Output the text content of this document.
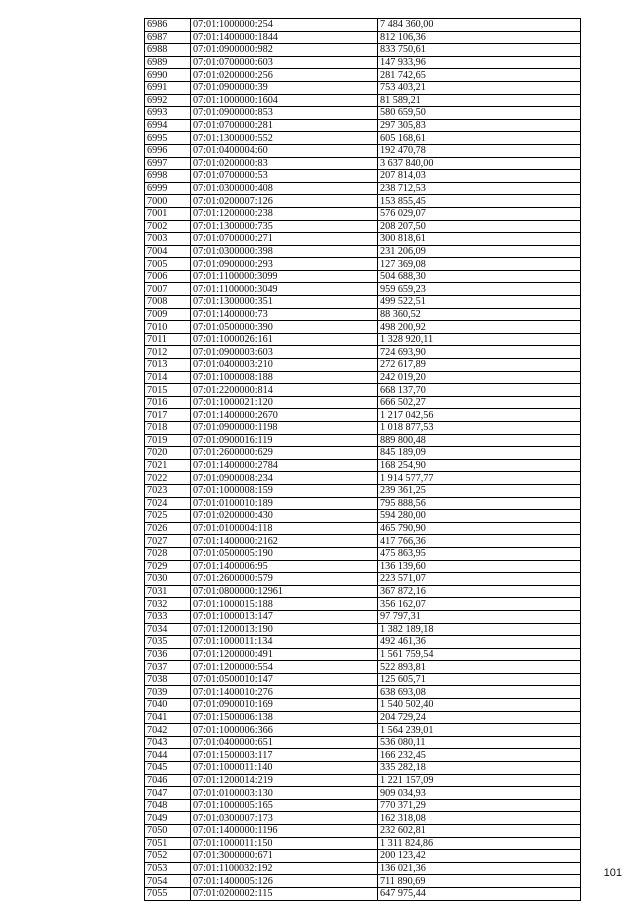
6986	07:01:1000000:254	7 484 360,00
6987	07:01:1400000:1844	812 106,36
6988	07:01:0900000:982	833 750,61
6989	07:01:0700000:603	147 933,96
6990	07:01:0200000:256	281 742,65
6991	07:01:0900000:39	753 403,21
6992	07:01:1000000:1604	81 589,21
6993	07:01:0900000:853	580 659,50
6994	07:01:0700000:281	297 305,83
6995	07:01:1300000:552	605 168,61
6996	07:01:0400004:60	192 470,78
6997	07:01:0200000:83	3 637 840,00
6998	07:01:0700000:53	207 814,03
6999	07:01:0300000:408	238 712,53
7000	07:01:0200007:126	153 855,45
7001	07:01:1200000:238	576 029,07
7002	07:01:1300000:735	208 207,50
7003	07:01:0700000:271	300 818,61
7004	07:01:0300000:398	231 206,09
7005	07:01:0900000:293	127 369,08
7006	07:01:1100000:3099	504 688,30
7007	07:01:1100000:3049	959 659,23
7008	07:01:1300000:351	499 522,51
7009	07:01:1400000:73	88 360,52
7010	07:01:0500000:390	498 200,92
7011	07:01:1000026:161	1 328 920,11
7012	07:01:0900003:603	724 693,90
7013	07:01:0400003:210	272 617,89
7014	07:01:1000008:188	242 019,20
7015	07:01:2200000:814	668 137,70
7016	07:01:1000021:120	666 502,27
7017	07:01:1400000:2670	1 217 042,56
7018	07:01:0900000:1198	1 018 877,53
7019	07:01:0900016:119	889 800,48
7020	07:01:2600000:629	845 189,09
7021	07:01:1400000:2784	168 254,90
7022	07:01:0900008:234	1 914 577,77
7023	07:01:1000008:159	239 361,25
7024	07:01:0100010:189	795 888,56
7025	07:01:0200000:430	594 280,00
7026	07:01:0100004:118	465 790,90
7027	07:01:1400000:2162	417 766,36
7028	07:01:0500005:190	475 863,95
7029	07:01:1400006:95	136 139,60
7030	07:01:2600000:579	223 571,07
7031	07:01:0800000:12961	367 872,16
7032	07:01:1000015:188	356 162,07
7033	07:01:1000013:147	97 797,31
7034	07:01:1200013:190	1 382 189,18
7035	07:01:1000011:134	492 461,36
7036	07:01:1200000:491	1 561 759,54
7037	07:01:1200000:554	522 893,81
7038	07:01:0500010:147	125 605,71
7039	07:01:1400010:276	638 693,08
7040	07:01:0900010:169	1 540 502,40
7041	07:01:1500006:138	204 729,24
7042	07:01:1000006:366	1 564 239,01
7043	07:01:0400000:651	536 080,11
7044	07:01:1500003:117	166 232,45
7045	07:01:1000011:140	335 282,18
7046	07:01:1200014:219	1 221 157,09
7047	07:01:0100003:130	909 034,93
7048	07:01:1000005:165	770 371,29
7049	07:01:0300007:173	162 318,08
7050	07:01:1400000:1196	232 602,81
7051	07:01:1000011:150	1 311 824,86
7052	07:01:3000000:671	200 123,42
7053	07:01:1100032:192	136 021,36
7054	07:01:1400005:126	711 890,69
7055	07:01:0200002:115	647 975,44
101
